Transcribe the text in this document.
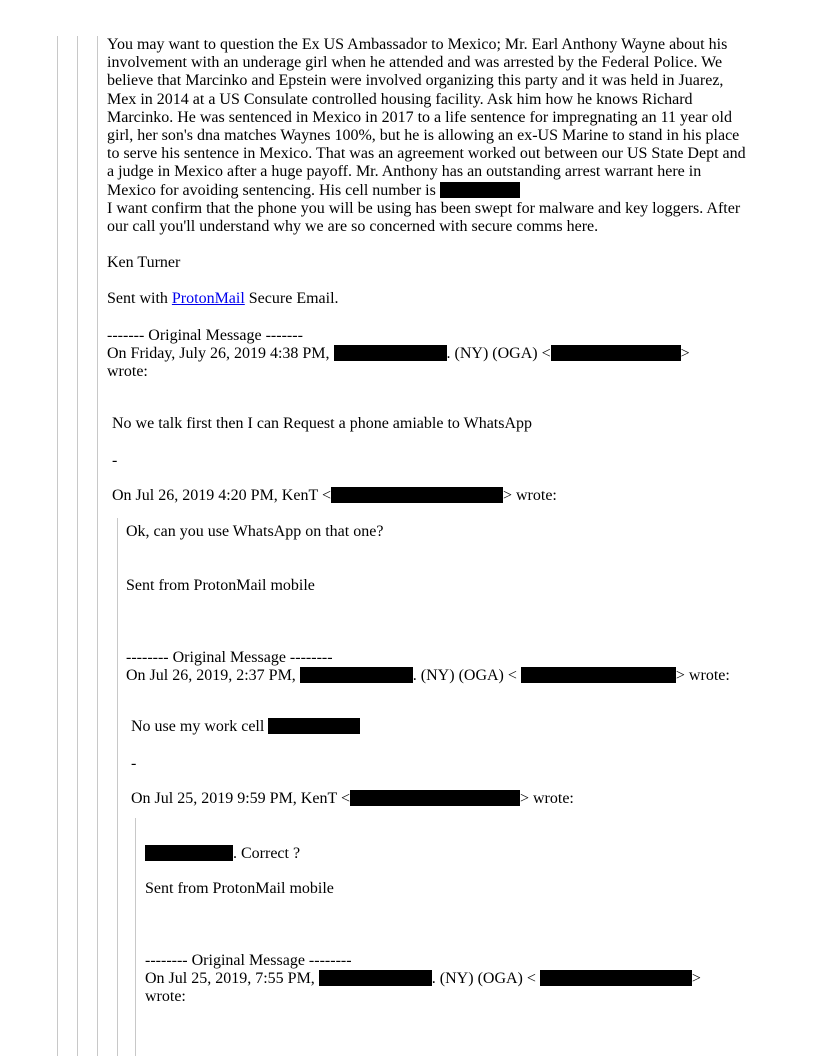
You may want to question the Ex US Ambassador to Mexico; Mr. Earl Anthony Wayne about his
involvement with an underage girl when he attended and was arrested by the Federal Police. We
believe that Marcinko and Epstein were involved organizing this party and it was held in Juarez,
Mex in 2014 at a US Consulate controlled housing facility. Ask him how he knows Richard
Marcinko. He was sentenced in Mexico in 2017 to a life sentence for impregnating an 11 year old
girl, her son's dna matches Waynes 100%, but he is allowing an ex-US Marine to stand in his place
to serve his sentence in Mexico. That was an agreement worked out between our US State Dept and
a judge in Mexico after a huge payoff. Mr. Anthony has an outstanding arrest warrant here in
Mexico for avoiding sentencing. His cell number is
I want confirm that the phone you will be using has been swept for malware and key loggers. After
our call you'll understand why we are so concerned with secure comms here.
Ken Turner
Sent with ProtonMail Secure Email.
------- Original Message -------
On Friday, July 26, 2019 4:38 PM,	. (NY) (OGA) <	>
wrote:
No we talk first then I can Request a phone amiable to WhatsApp
-
On Jul 26, 2019 4:20 PM, KenT <	> wrote:
Ok, can you use WhatsApp on that one?
Sent from ProtonMail mobile
-------- Original Message --------
On Jul 26, 2019, 2:37 PM,	. (NY) (OGA) <	> wrote:
No use my work cell
-
On Jul 25, 2019 9:59 PM, KenT <	> wrote:
. Correct ?
Sent from ProtonMail mobile
-------- Original Message --------
On Jul 25, 2019, 7:55 PM,	. (NY) (OGA) <	>
wrote:
